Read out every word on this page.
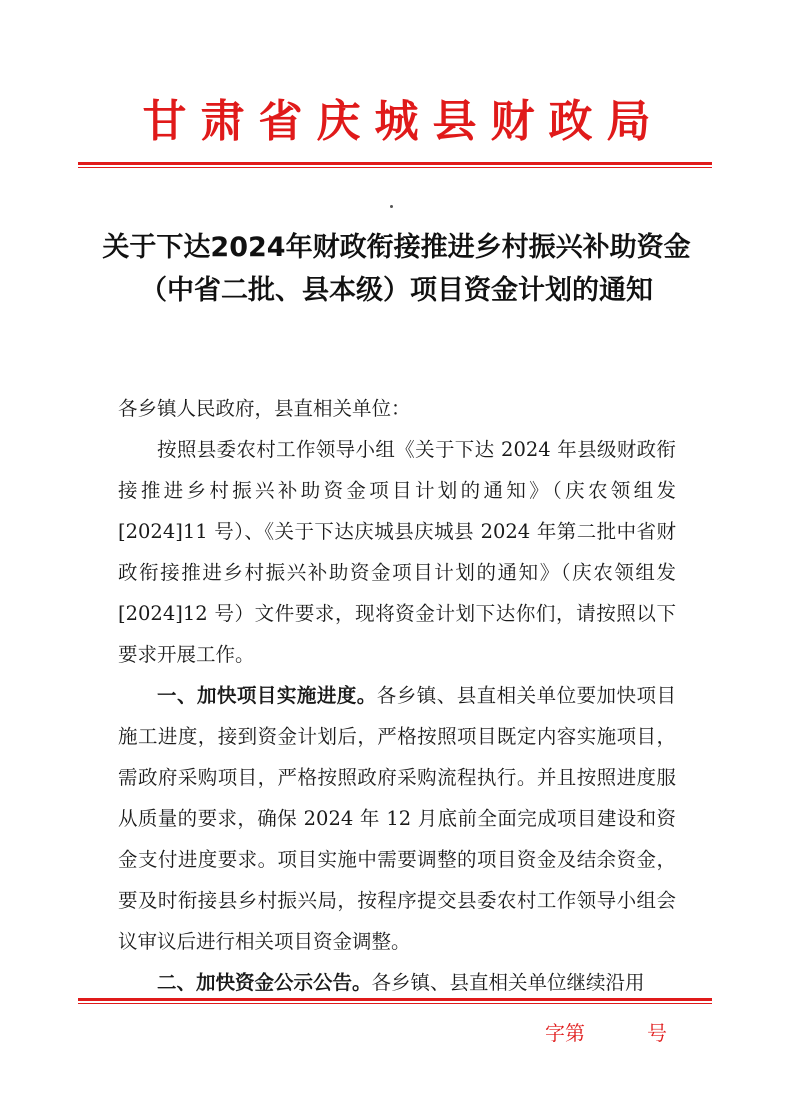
甘肃省庆城县财政局
关于下达2024年财政衔接推进乡村振兴补助资金（中省二批、县本级）项目资金计划的通知

各乡镇人民政府，县直相关单位：

按照县委农村工作领导小组《关于下达 2024 年县级财政衔接推进乡村振兴补助资金项目计划的通知》（庆农领组发[2024]11 号）、《关于下达庆城县庆城县 2024 年第二批中省财政衔接推进乡村振兴补助资金项目计划的通知》（庆农领组发[2024]12 号）文件要求，现将资金计划下达你们，请按照以下要求开展工作。

一、加快项目实施进度。各乡镇、县直相关单位要加快项目施工进度，接到资金计划后，严格按照项目既定内容实施项目，需政府采购项目，严格按照政府采购流程执行。并且按照进度服从质量的要求，确保 2024 年 12 月底前全面完成项目建设和资金支付进度要求。项目实施中需要调整的项目资金及结余资金，要及时衔接县乡村振兴局，按程序提交县委农村工作领导小组会议审议后进行相关项目资金调整。

二、加快资金公示公告。各乡镇、县直相关单位继续沿用

字第	号
